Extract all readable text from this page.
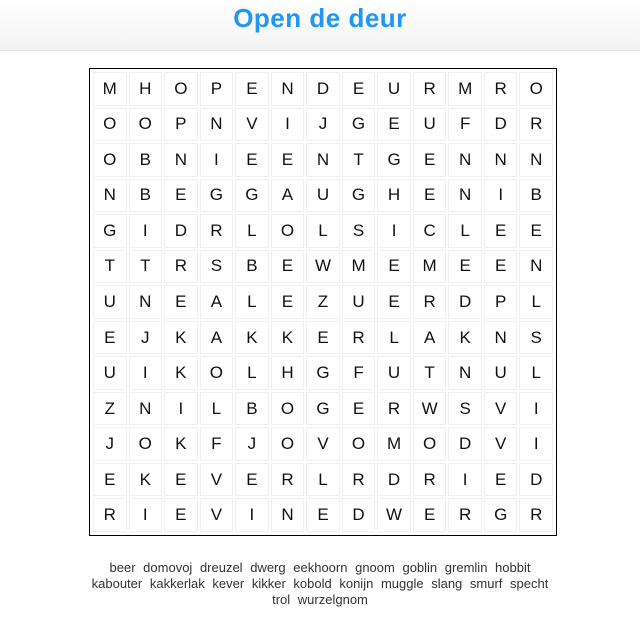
Open de deur
M	H	O	P	E	N	D	E	U	R	M	R	O
O	O	P	N	V	I	J	G	E	U	F	D	R
O	B	N	I	E	E	N	T	G	E	N	N	N
N	B	E	G	G	A	U	G	H	E	N	I	B
G	I	D	R	L	O	L	S	I	C	L	E	E
T	T	R	S	B	E	W	M	E	M	E	E	N
U	N	E	A	L	E	Z	U	E	R	D	P	L
E	J	K	A	K	K	E	R	L	A	K	N	S
U	I	K	O	L	H	G	F	U	T	N	U	L
Z	N	I	L	B	O	G	E	R	W	S	V	I
J	O	K	F	J	O	V	O	M	O	D	V	I
E	K	E	V	E	R	L	R	D	R	I	E	D
R	I	E	V	I	N	E	D	W	E	R	G	R
beer domovoj dreuzel dwerg eekhoorn gnoom goblin gremlin hobbit kabouter kakkerlak kever kikker kobold konijn muggle slang smurf specht trol wurzelgnom
